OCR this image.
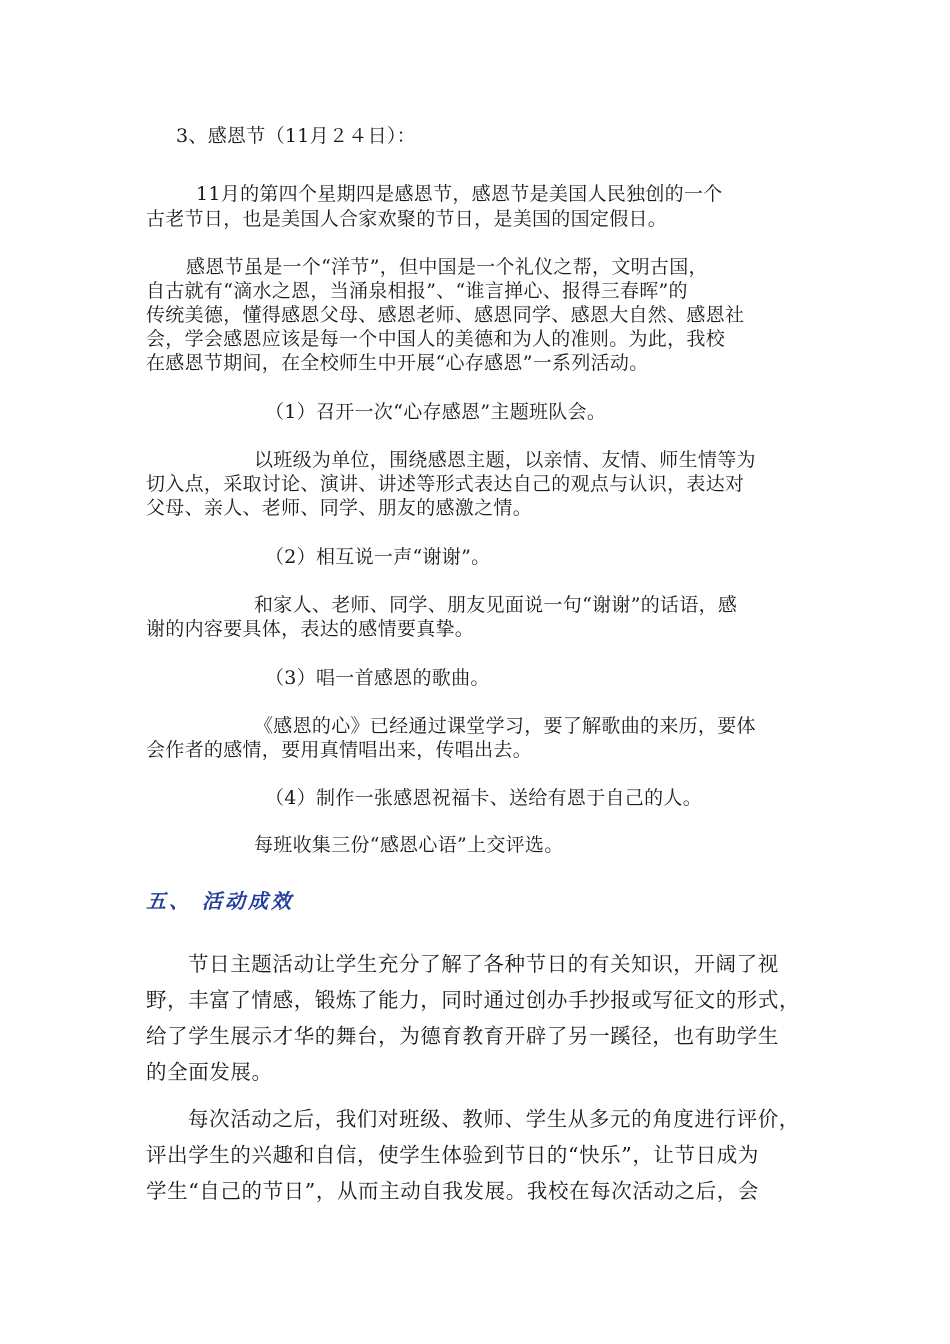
3、感恩节（11月２４日）：
11月的第四个星期四是感恩节，感恩节是美国人民独创的一个
古老节日，也是美国人合家欢聚的节日，是美国的国定假日。
感恩节虽是一个“洋节”，但中国是一个礼仪之帮，文明古国，
自古就有“滴水之恩，当涌泉相报”、“谁言掸心、报得三春晖”的
传统美德，懂得感恩父母、感恩老师、感恩同学、感恩大自然、感恩社
会，学会感恩应该是每一个中国人的美德和为人的准则。为此，我校
在感恩节期间，在全校师生中开展“心存感恩”一系列活动。
（1）召开一次“心存感恩”主题班队会。
以班级为单位，围绕感恩主题，以亲情、友情、师生情等为
切入点，采取讨论、演讲、讲述等形式表达自己的观点与认识，表达对
父母、亲人、老师、同学、朋友的感激之情。
（2）相互说一声“谢谢”。
和家人、老师、同学、朋友见面说一句“谢谢”的话语，感
谢的内容要具体，表达的感情要真挚。
（3）唱一首感恩的歌曲。
《感恩的心》已经通过课堂学习，要了解歌曲的来历，要体
会作者的感情，要用真情唱出来，传唱出去。
（4）制作一张感恩祝福卡、送给有恩于自己的人。
每班收集三份“感恩心语”上交评选。
五、 活动成效
节日主题活动让学生充分了解了各种节日的有关知识，开阔了视
野，丰富了情感，锻炼了能力，同时通过创办手抄报或写征文的形式，
给了学生展示才华的舞台，为德育教育开辟了另一蹊径，也有助学生
的全面发展。
每次活动之后，我们对班级、教师、学生从多元的角度进行评价，
评出学生的兴趣和自信，使学生体验到节日的“快乐”，让节日成为
学生“自己的节日”，从而主动自我发展。我校在每次活动之后，会
